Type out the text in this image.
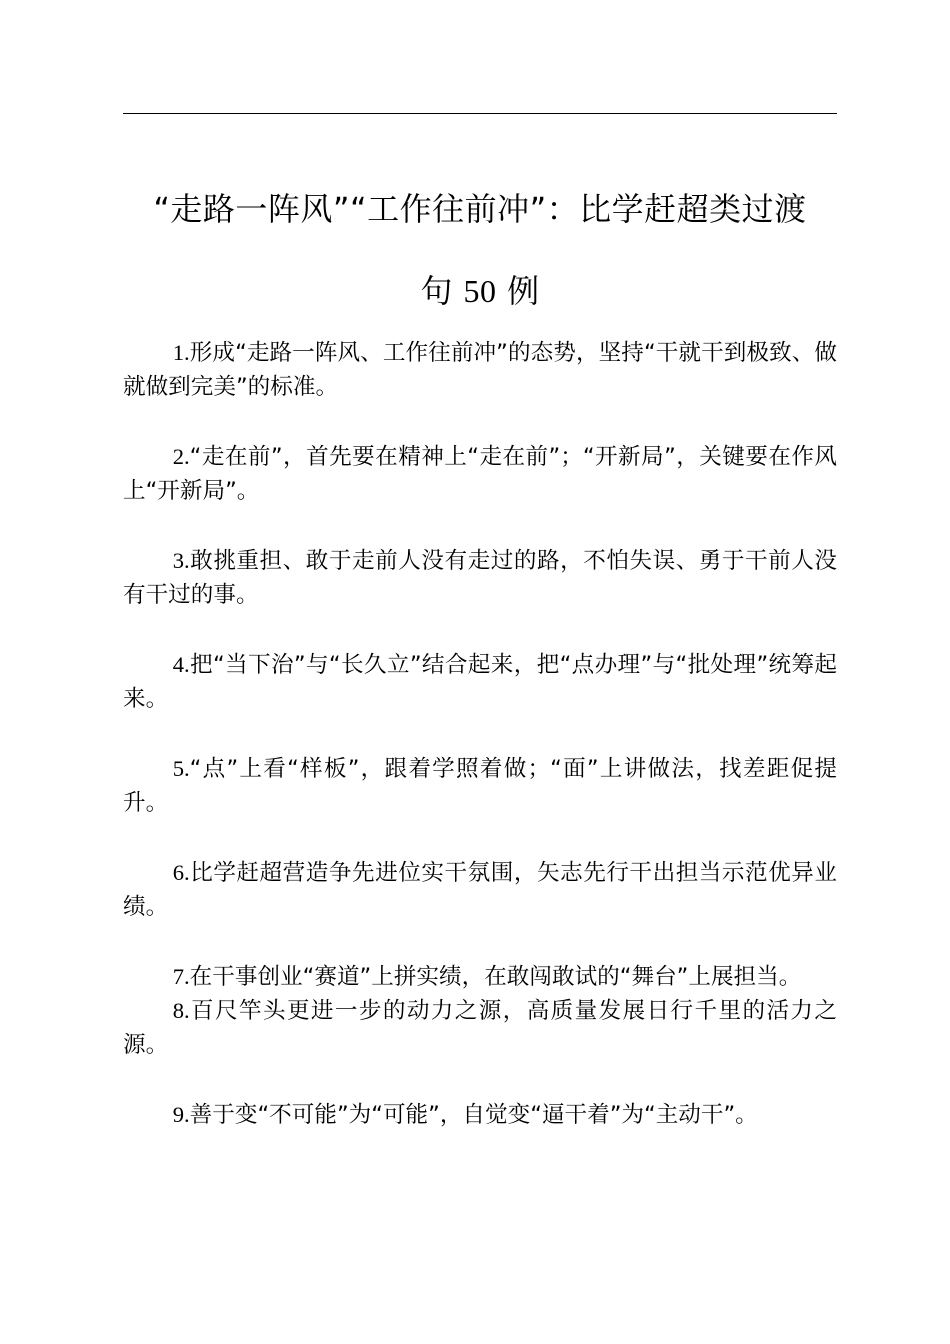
“走路一阵风”“工作往前冲”：比学赶超类过渡
句 50 例

1.形成“走路一阵风、工作往前冲”的态势，坚持“干就干到极致、做就做到完美”的标准。

2.“走在前”，首先要在精神上“走在前”；“开新局”，关键要在作风上“开新局”。

3.敢挑重担、敢于走前人没有走过的路，不怕失误、勇于干前人没有干过的事。

4.把“当下治”与“长久立”结合起来，把“点办理”与“批处理”统筹起来。

5.“点”上看“样板”，跟着学照着做；“面”上讲做法，找差距促提升。

6.比学赶超营造争先进位实干氛围，矢志先行干出担当示范优异业绩。

7.在干事创业“赛道”上拼实绩，在敢闯敢试的“舞台”上展担当。

8.百尺竿头更进一步的动力之源，高质量发展日行千里的活力之源。

9.善于变“不可能”为“可能”，自觉变“逼干着”为“主动干”。
